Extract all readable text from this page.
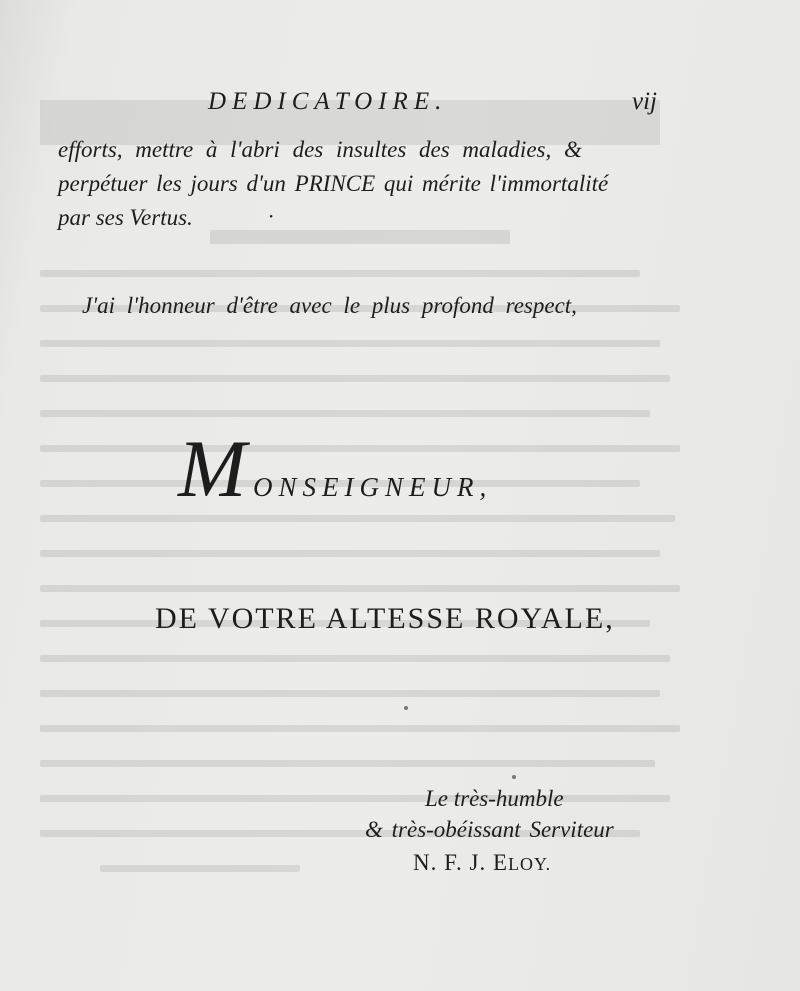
DEDICATOIRE.	vij
efforts, mettre à l'abri des insultes des maladies, &
perpétuer les jours d'un PRINCE qui mérite l'immortalité
par ses Vertus.	·
J'ai l'honneur d'être avec le plus profond respect,
M ONSEIGNEUR,
DE VOTRE ALTESSE ROYALE,
Le très-humble
& très-obéissant Serviteur
N. F. J. ELOY.
